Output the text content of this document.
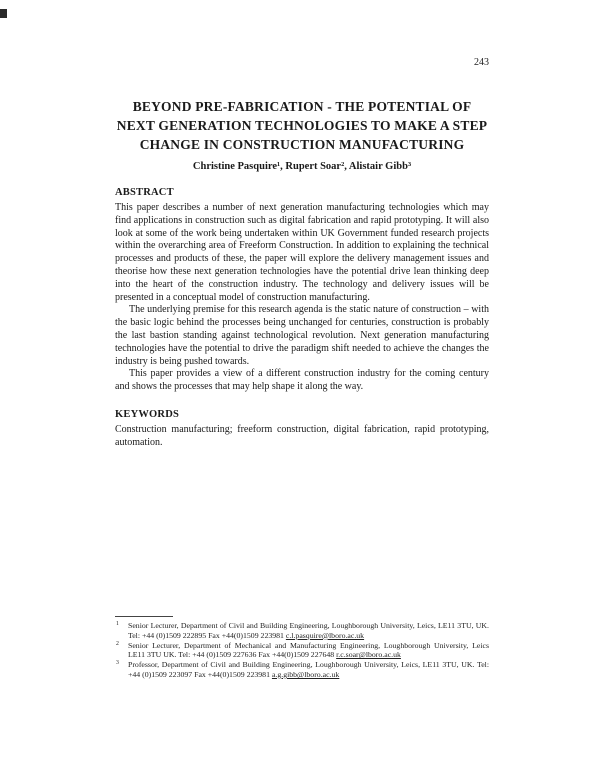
243
BEYOND PRE-FABRICATION - THE POTENTIAL OF NEXT GENERATION TECHNOLOGIES TO MAKE A STEP CHANGE IN CONSTRUCTION MANUFACTURING
Christine Pasquire¹, Rupert Soar², Alistair Gibb³
ABSTRACT

This paper describes a number of next generation manufacturing technologies which may find applications in construction such as digital fabrication and rapid prototyping. It will also look at some of the work being undertaken within UK Government funded research projects within the overarching area of Freeform Construction. In addition to explaining the technical processes and products of these, the paper will explore the delivery management issues and theorise how these next generation technologies have the potential drive lean thinking deep into the heart of the construction industry. The technology and delivery issues will be presented in a conceptual model of construction manufacturing.

The underlying premise for this research agenda is the static nature of construction – with the basic logic behind the processes being unchanged for centuries, construction is probably the last bastion standing against technological revolution. Next generation manufacturing technologies have the potential to drive the paradigm shift needed to achieve the changes the industry is being pushed towards.

This paper provides a view of a different construction industry for the coming century and shows the processes that may help shape it along the way.

KEYWORDS
Construction manufacturing; freeform construction, digital fabrication, rapid prototyping, automation.
1 Senior Lecturer, Department of Civil and Building Engineering, Loughborough University, Leics, LE11 3TU, UK. Tel: +44 (0)1509 222895 Fax +44(0)1509 223981 c.l.pasquire@lboro.ac.uk
2 Senior Lecturer, Department of Mechanical and Manufacturing Engineering, Loughborough University, Leics LE11 3TU UK. Tel: +44 (0)1509 227636 Fax +44(0)1509 227648 r.c.soar@lboro.ac.uk
3 Professor, Department of Civil and Building Engineering, Loughborough University, Leics, LE11 3TU, UK. Tel: +44 (0)1509 223097 Fax +44(0)1509 223981 a.g.gibb@lboro.ac.uk
